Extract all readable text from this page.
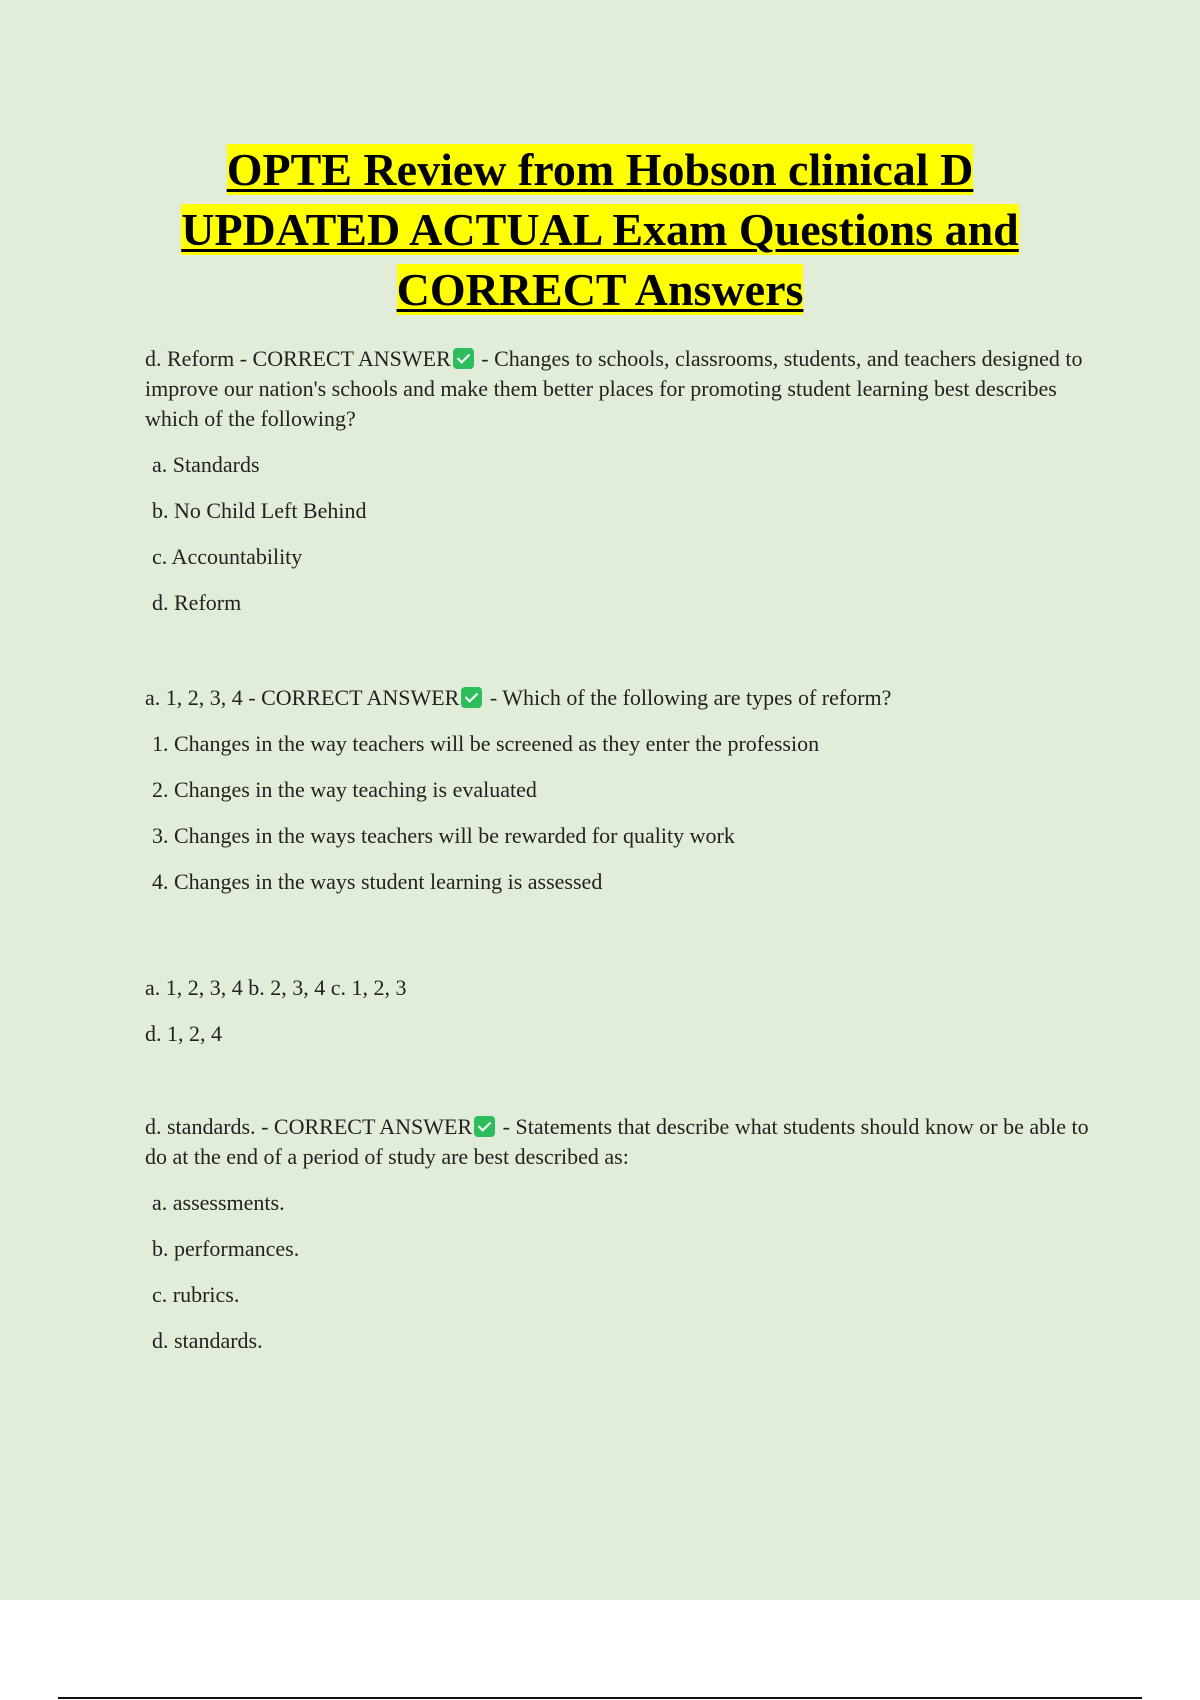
OPTE Review from Hobson clinical D
UPDATED ACTUAL Exam Questions and
CORRECT Answers

d. Reform - CORRECT ANSWER - Changes to schools, classrooms, students, and teachers designed to improve our nation's schools and make them better places for promoting student learning best describes which of the following?

a. Standards
b. No Child Left Behind
c. Accountability
d. Reform

a. 1, 2, 3, 4 - CORRECT ANSWER - Which of the following are types of reform?

1. Changes in the way teachers will be screened as they enter the profession
2. Changes in the way teaching is evaluated
3. Changes in the ways teachers will be rewarded for quality work
4. Changes in the ways student learning is assessed
a. 1, 2, 3, 4 b. 2, 3, 4 c. 1, 2, 3
d. 1, 2, 4

d. standards. - CORRECT ANSWER - Statements that describe what students should know or be able to do at the end of a period of study are best described as:

a. assessments.
b. performances.
c. rubrics.
d. standards.
